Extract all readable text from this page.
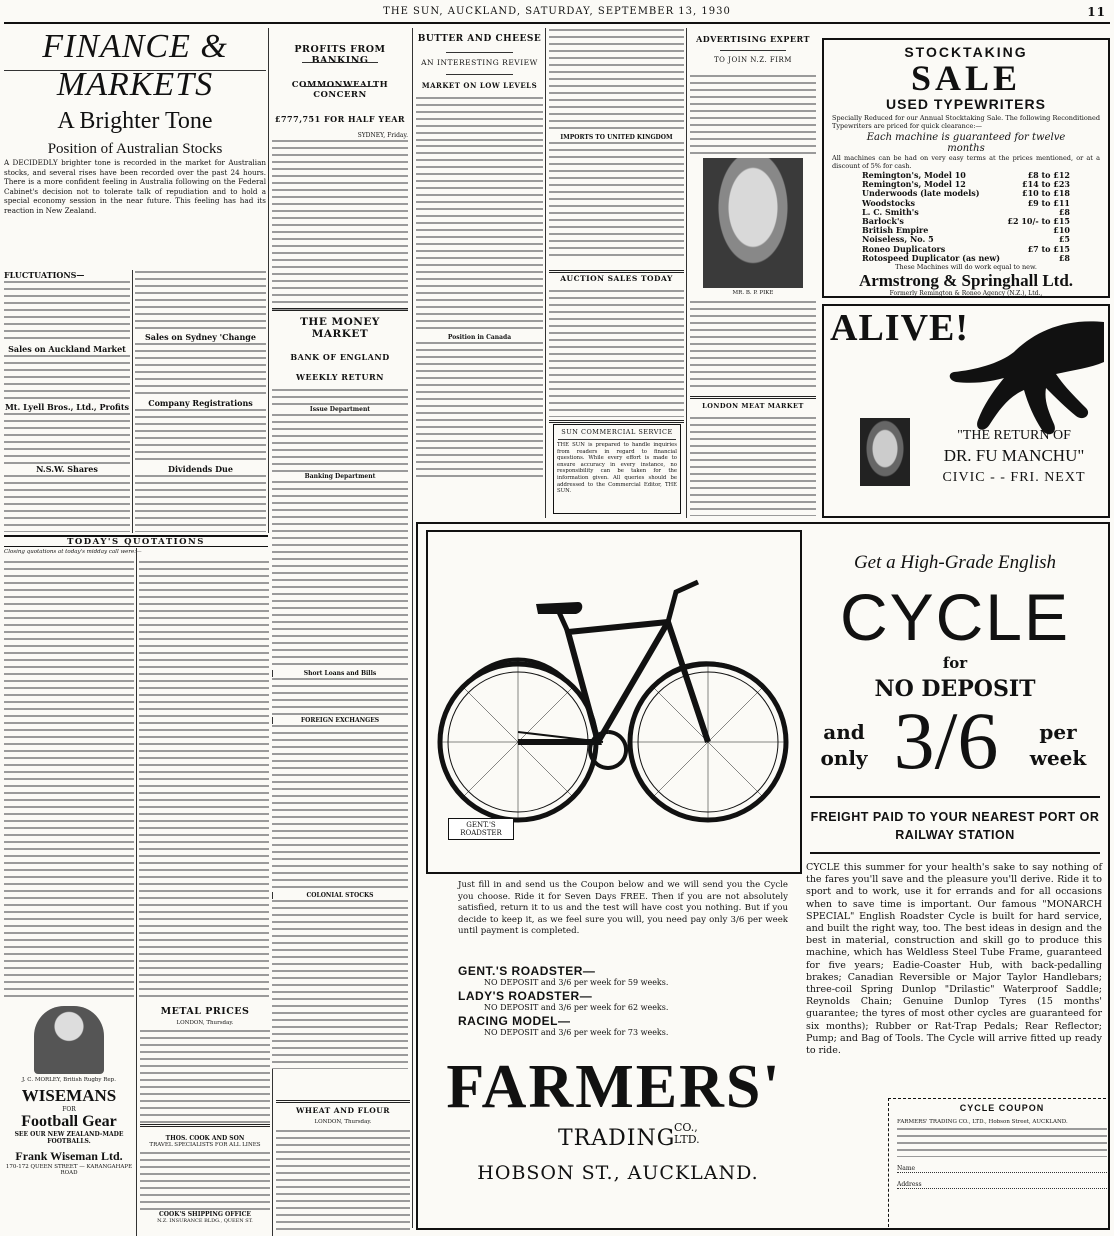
THE SUN, AUCKLAND, SATURDAY, SEPTEMBER 13, 1930	11
FINANCE & MARKETS
A Brighter Tone
Position of Australian Stocks
A DECIDEDLY brighter tone is recorded in the market for Australian stocks, and several rises have been recorded over the past 24 hours. There is a more confident feeling in Australia following on the Federal Cabinet's decision not to tolerate talk of repudiation and to hold a special economy session in the near future. This feeling has had its reaction in New Zealand.
FLUCTUATIONS—
Sales on Auckland Market
Mt. Lyell Bros., Ltd., Profits
N.S.W. Shares
Sales on Sydney 'Change
Company Registrations
Dividends Due
PROFITS FROM BANKING
COMMONWEALTH CONCERN
£777,751 FOR HALF YEAR
SYDNEY, Friday.
THE MONEY MARKET
BANK OF ENGLAND
WEEKLY RETURN
Issue Department
Banking Department
Short Loans and Bills
FOREIGN EXCHANGES
COLONIAL STOCKS
TODAY'S QUOTATIONS
Closing quotations at today's midday call were:—
J. C. MORLEY, British Rugby Rep.
WISEMANS
FOR
Football Gear
SEE OUR NEW ZEALAND-MADE FOOTBALLS.
Frank Wiseman Ltd.
170-172 QUEEN STREET — KARANGAHAPE ROAD
METAL PRICES
LONDON, Thursday.
THOS. COOK AND SON
TRAVEL SPECIALISTS FOR ALL LINES
COOK'S SHIPPING OFFICE
N.Z. INSURANCE BLDG., QUEEN ST.
BUTTER AND CHEESE
AN INTERESTING REVIEW
MARKET ON LOW LEVELS
Position in Canada
IMPORTS TO UNITED KINGDOM
AUCTION SALES TODAY
SUN COMMERCIAL SERVICE
THE SUN is prepared to handle inquiries from readers in regard to financial questions. While every effort is made to ensure accuracy in every instance, no responsibility can be taken for the information given. All queries should be addressed to the Commercial Editor, THE SUN.
ADVERTISING EXPERT
TO JOIN N.Z. FIRM
MR. B. P. PIKE
LONDON MEAT MARKET
STOCKTAKING
SALE
USED TYPEWRITERS
Specially Reduced for our Annual Stocktaking Sale. The following Reconditioned Typewriters are priced for quick clearance:—
Each machine is guaranteed for twelve months
All machines can be had on very easy terms at the prices mentioned, or at a discount of 5% for cash.
Remington's, Model 10	£8 to £12
Remington's, Model 12	£14 to £23
Underwoods (late models)	£10 to £18
Woodstocks	£9 to £11
L. C. Smith's	£8
Barlock's	£2 10/- to £15
British Empire	£10
Noiseless, No. 5	£5
Roneo Duplicators	£7 to £15
Rotospeed Duplicator (as new)	£8
These Machines will do work equal to new.
Armstrong & Springhall Ltd.
Formerly Remington & Roneo Agency (N.Z.), Ltd.,
ALIVE!
"THE RETURN OF
DR. FU MANCHU"
CIVIC - - FRI. NEXT
GENT.'S ROADSTER
Get a High-Grade English
CYCLE
for
NO DEPOSIT
and
only 3/6	per
week
FREIGHT PAID TO YOUR NEAREST PORT OR RAILWAY STATION
Just fill in and send us the Coupon below and we will send you the Cycle you choose. Ride it for Seven Days FREE. Then if you are not absolutely satisfied, return it to us and the test will have cost you nothing. But if you decide to keep it, as we feel sure you will, you need pay only 3/6 per week until payment is completed.
GENT.'S ROADSTER—
NO DEPOSIT and 3/6 per week for 59 weeks.
LADY'S ROADSTER—
NO DEPOSIT and 3/6 per week for 62 weeks.
RACING MODEL—
NO DEPOSIT and 3/6 per week for 73 weeks.
FARMERS'
TRADING
CO., LTD.
HOBSON ST., AUCKLAND.
CYCLE this summer for your health's sake to say nothing of the fares you'll save and the pleasure you'll derive. Ride it to sport and to work, use it for errands and for all occasions when to save time is important. Our famous "MONARCH SPECIAL" English Roadster Cycle is built for hard service, and built the right way, too. The best ideas in design and the best in material, construction and skill go to produce this machine, which has Weldless Steel Tube Frame, guaranteed for five years; Eadie-Coaster Hub, with back-pedalling brakes; Canadian Reversible or Major Taylor Handlebars; three-coil Spring Dunlop "Drilastic" Waterproof Saddle; Reynolds Chain; Genuine Dunlop Tyres (15 months' guarantee; the tyres of most other cycles are guaranteed for six months); Rubber or Rat-Trap Pedals; Rear Reflector; Pump; and Bag of Tools. The Cycle will arrive fitted up ready to ride.
CYCLE COUPON
FARMERS' TRADING CO., LTD., Hobson Street, AUCKLAND.
Name
Address
WHEAT AND FLOUR
LONDON, Thursday.
